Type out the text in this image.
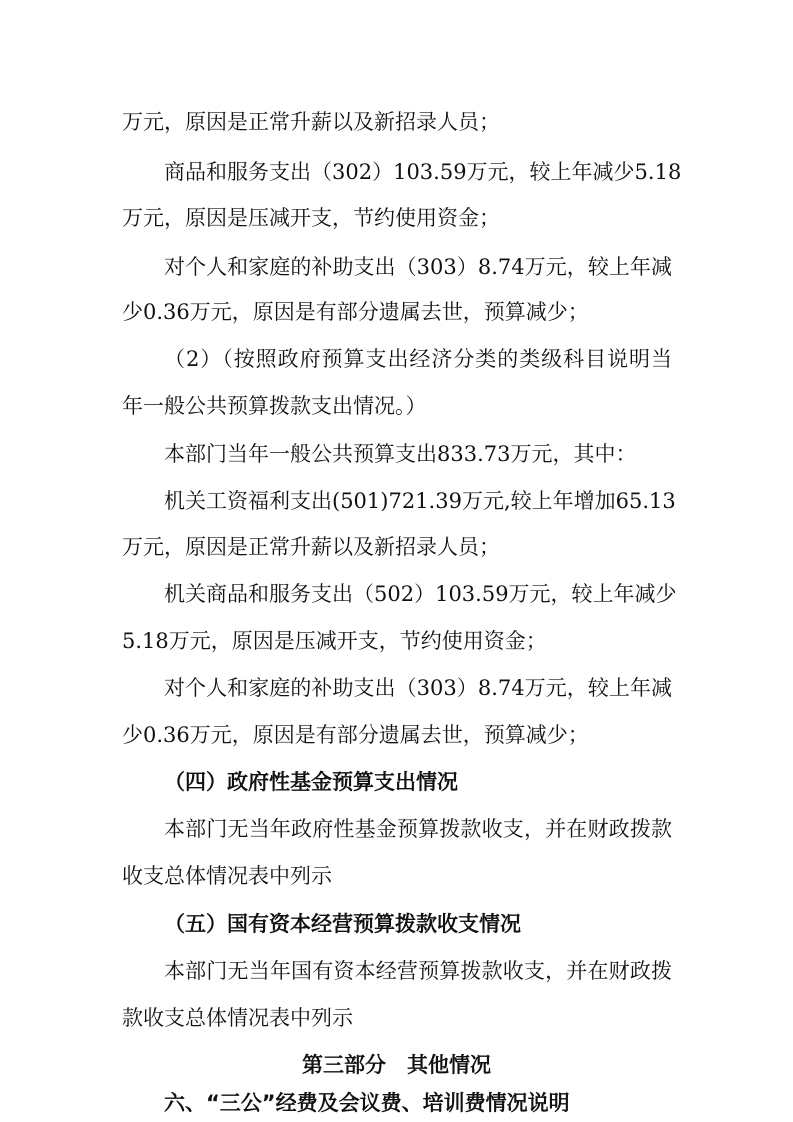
万元，原因是正常升薪以及新招录人员；
商品和服务支出（302）103.59万元，较上年减少5.18
万元，原因是压减开支，节约使用资金；
对个人和家庭的补助支出（303）8.74万元，较上年减
少0.36万元，原因是有部分遗属去世，预算减少；
（2）（按照政府预算支出经济分类的类级科目说明当
年一般公共预算拨款支出情况。）
本部门当年一般公共预算支出833.73万元，其中：
机关工资福利支出(501)721.39万元,较上年增加65.13
万元，原因是正常升薪以及新招录人员；
机关商品和服务支出（502）103.59万元，较上年减少
5.18万元，原因是压减开支，节约使用资金；
对个人和家庭的补助支出（303）8.74万元，较上年减
少0.36万元，原因是有部分遗属去世，预算减少；
（四）政府性基金预算支出情况
本部门无当年政府性基金预算拨款收支，并在财政拨款
收支总体情况表中列示
（五）国有资本经营预算拨款收支情况
本部门无当年国有资本经营预算拨款收支，并在财政拨
款收支总体情况表中列示
第三部分　其他情况
六、“三公”经费及会议费、培训费情况说明
